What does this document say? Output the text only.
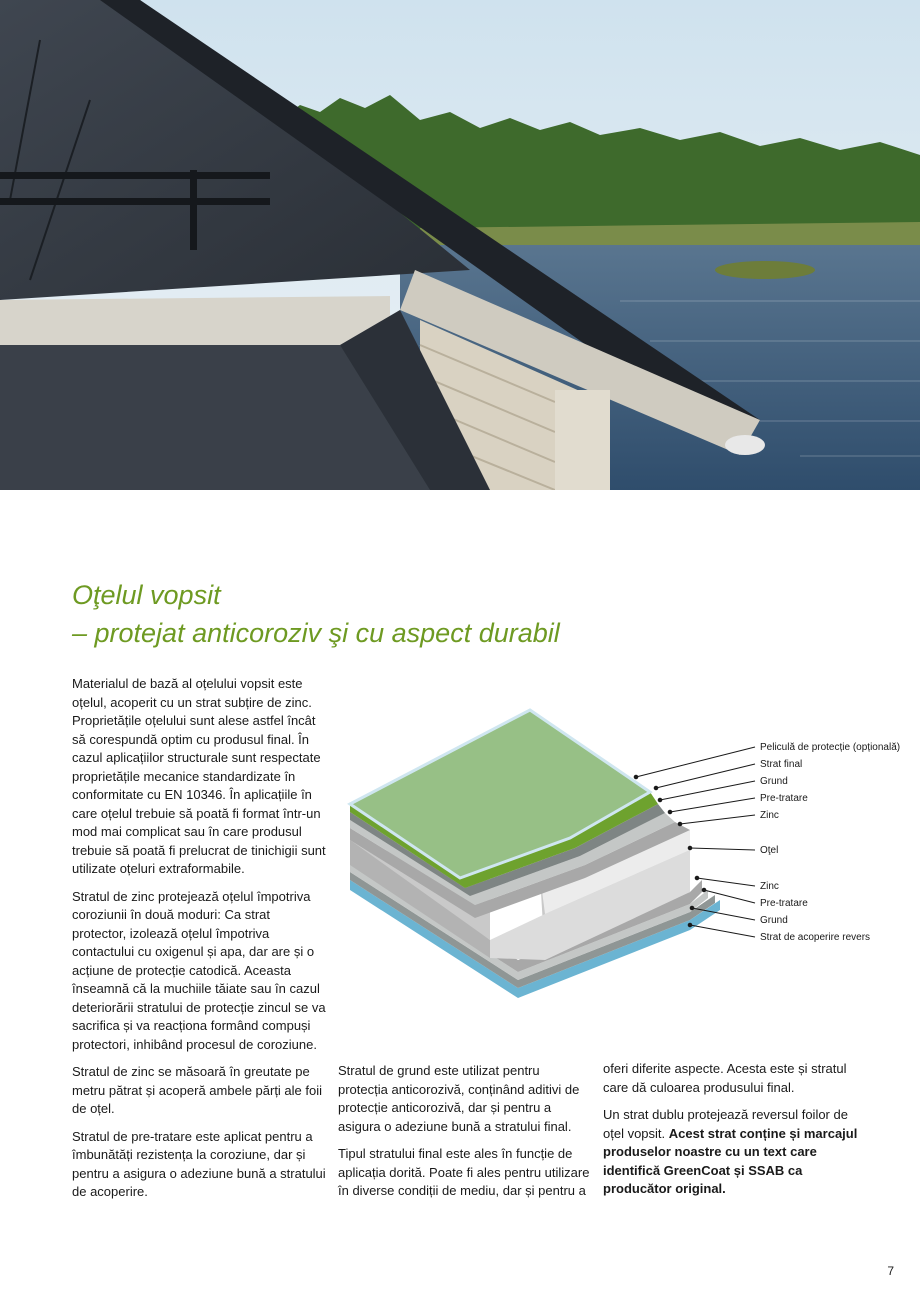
Oţelul vopsit
– protejat anticoroziv şi cu aspect durabil

Materialul de bază al oțelului vopsit este oțelul, acoperit cu un strat subțire de zinc. Proprietățile oțelului sunt alese astfel încât să corespundă optim cu produsul final. În cazul aplicațiilor structurale sunt respectate proprietățile mecanice standardizate în conformitate cu EN 10346. În aplicațiile în care oțelul trebuie să poată fi format într-un mod mai complicat sau în care produsul trebuie să poată fi prelucrat de tinichigii sunt utilizate oțeluri extraformabile.

Stratul de zinc protejează oțelul împotriva coroziunii în două moduri: Ca strat protector, izolează oțelul împotriva contactului cu oxigenul și apa, dar are și o acțiune de protecție catodică. Aceasta înseamnă că la muchiile tăiate sau în cazul deteriorării stratului de protecție zincul se va sacrifica și va reacționa formând compuși protectori, inhibând procesul de coroziune.

Stratul de zinc se măsoară în greutate pe metru pătrat și acoperă ambele părți ale foii de oțel.

Stratul de pre-tratare este aplicat pentru a îmbunătăți rezistența la coroziune, dar și pentru a asigura o adeziune bună a stratului de acoperire.

Stratul de grund este utilizat pentru protecția anticorozivă, conținând aditivi de protecție anticorozivă, dar și pentru a asigura o adeziune bună a stratului final.

Tipul stratului final este ales în funcție de aplicația dorită. Poate fi ales pentru utilizare în diverse condiții de mediu, dar și pentru a

oferi diferite aspecte. Acesta este și stratul care dă culoarea produsului final.

Un strat dublu protejează reversul foilor de oțel vopsit. Acest strat conține și marcajul produselor noastre cu un text care identifică GreenCoat și SSAB ca producător original.

Peliculă de protecție (opțională)
Strat final
Grund
Pre-tratare
Zinc
Oţel
Zinc
Pre-tratare
Grund
Strat de acoperire revers
7
